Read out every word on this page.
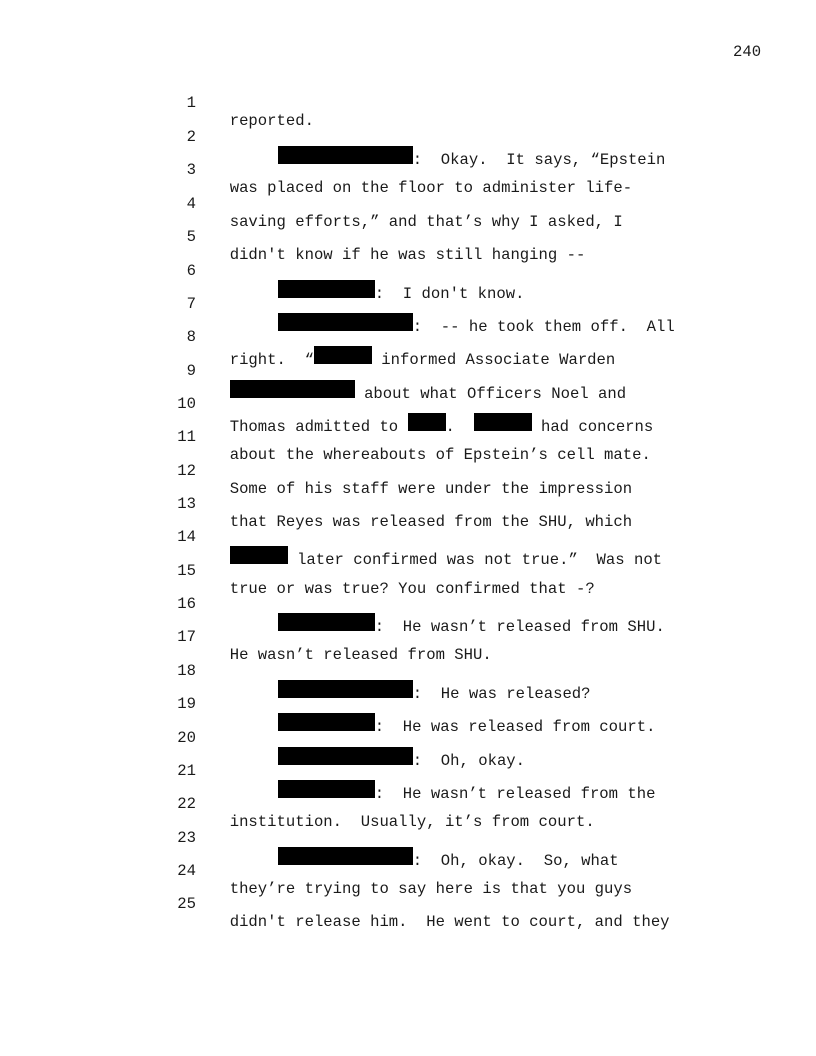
240
1
2
3
4
5
6
7
8
9
10
11
12
13
14
15
16
17
18
19
20
21
22
23
24
25

reported.

:  Okay.  It says, “Epstein

was placed on the floor to administer life-

saving efforts,” and that’s why I asked, I

didn't know if he was still hanging --

:  I don't know.

:  -- he took them off.  All

right.  “	informed Associate Warden

about what Officers Noel and

Thomas admitted to .	had concerns

about the whereabouts of Epstein’s cell mate.

Some of his staff were under the impression

that Reyes was released from the SHU, which

later confirmed was not true.”  Was not

true or was true? You confirmed that -?

:  He wasn’t released from SHU.

He wasn’t released from SHU.

:  He was released?

:  He was released from court.

:  Oh, okay.

:  He wasn’t released from the

institution.  Usually, it’s from court.

:  Oh, okay.  So, what

they’re trying to say here is that you guys

didn't release him.  He went to court, and they
